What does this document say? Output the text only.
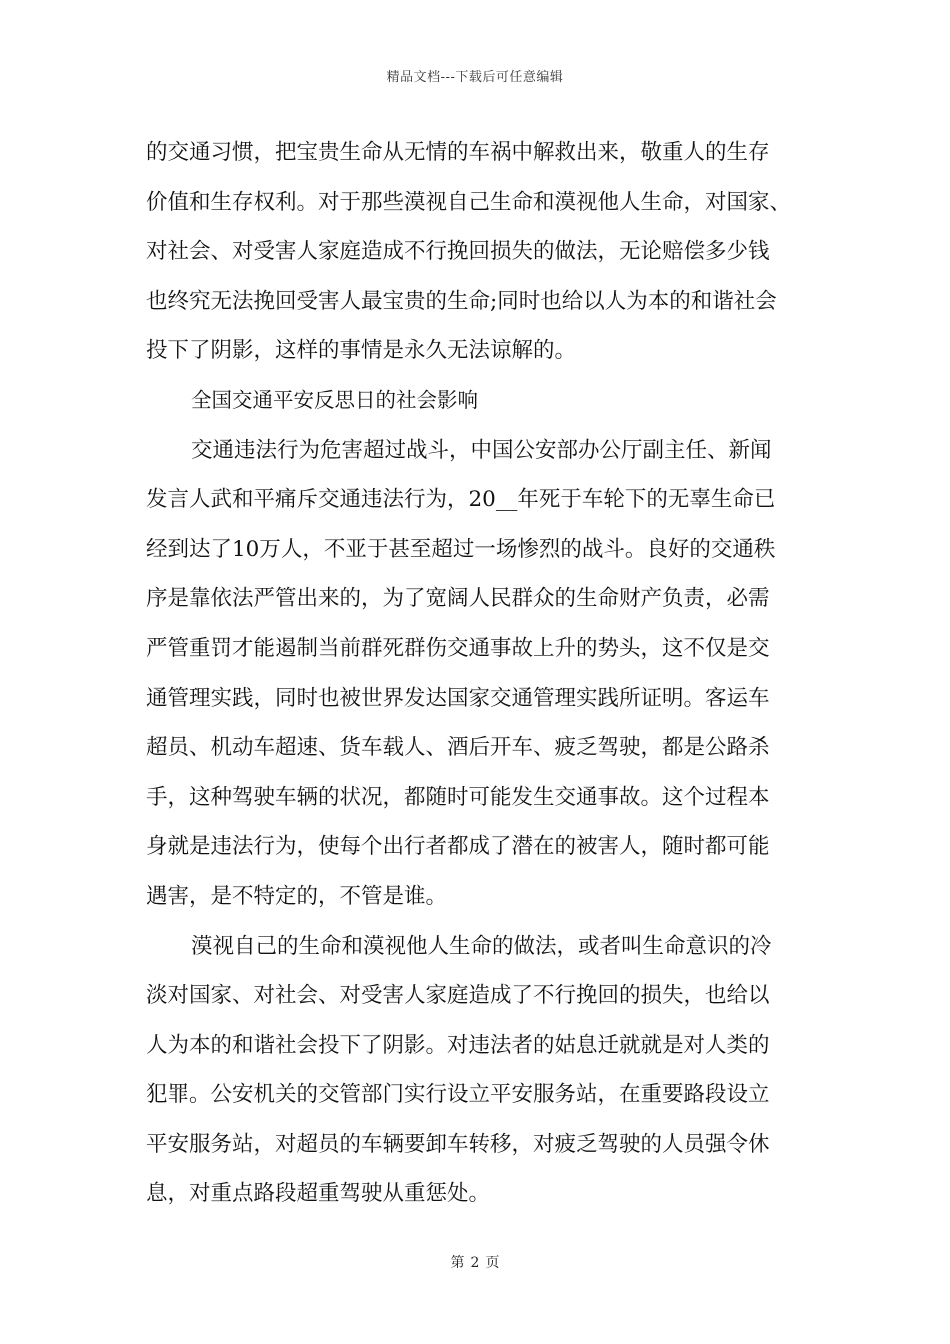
精品文档---下载后可任意编辑
的交通习惯，把宝贵生命从无情的车祸中解救出来，敬重人的生存
价值和生存权利。对于那些漠视自己生命和漠视他人生命，对国家、
对社会、对受害人家庭造成不行挽回损失的做法，无论赔偿多少钱
也终究无法挽回受害人最宝贵的生命;同时也给以人为本的和谐社会
投下了阴影，这样的事情是永久无法谅解的。
全国交通平安反思日的社会影响
交通违法行为危害超过战斗，中国公安部办公厅副主任、新闻
发言人武和平痛斥交通违法行为，20__年死于车轮下的无辜生命已
经到达了10万人，不亚于甚至超过一场惨烈的战斗。良好的交通秩
序是靠依法严管出来的，为了宽阔人民群众的生命财产负责，必需
严管重罚才能遏制当前群死群伤交通事故上升的势头，这不仅是交
通管理实践，同时也被世界发达国家交通管理实践所证明。客运车
超员、机动车超速、货车载人、酒后开车、疲乏驾驶，都是公路杀
手，这种驾驶车辆的状况，都随时可能发生交通事故。这个过程本
身就是违法行为，使每个出行者都成了潜在的被害人，随时都可能
遇害，是不特定的，不管是谁。
漠视自己的生命和漠视他人生命的做法，或者叫生命意识的冷
淡对国家、对社会、对受害人家庭造成了不行挽回的损失，也给以
人为本的和谐社会投下了阴影。对违法者的姑息迁就就是对人类的
犯罪。公安机关的交管部门实行设立平安服务站，在重要路段设立
平安服务站，对超员的车辆要卸车转移，对疲乏驾驶的人员强令休
息，对重点路段超重驾驶从重惩处。
第 2 页
